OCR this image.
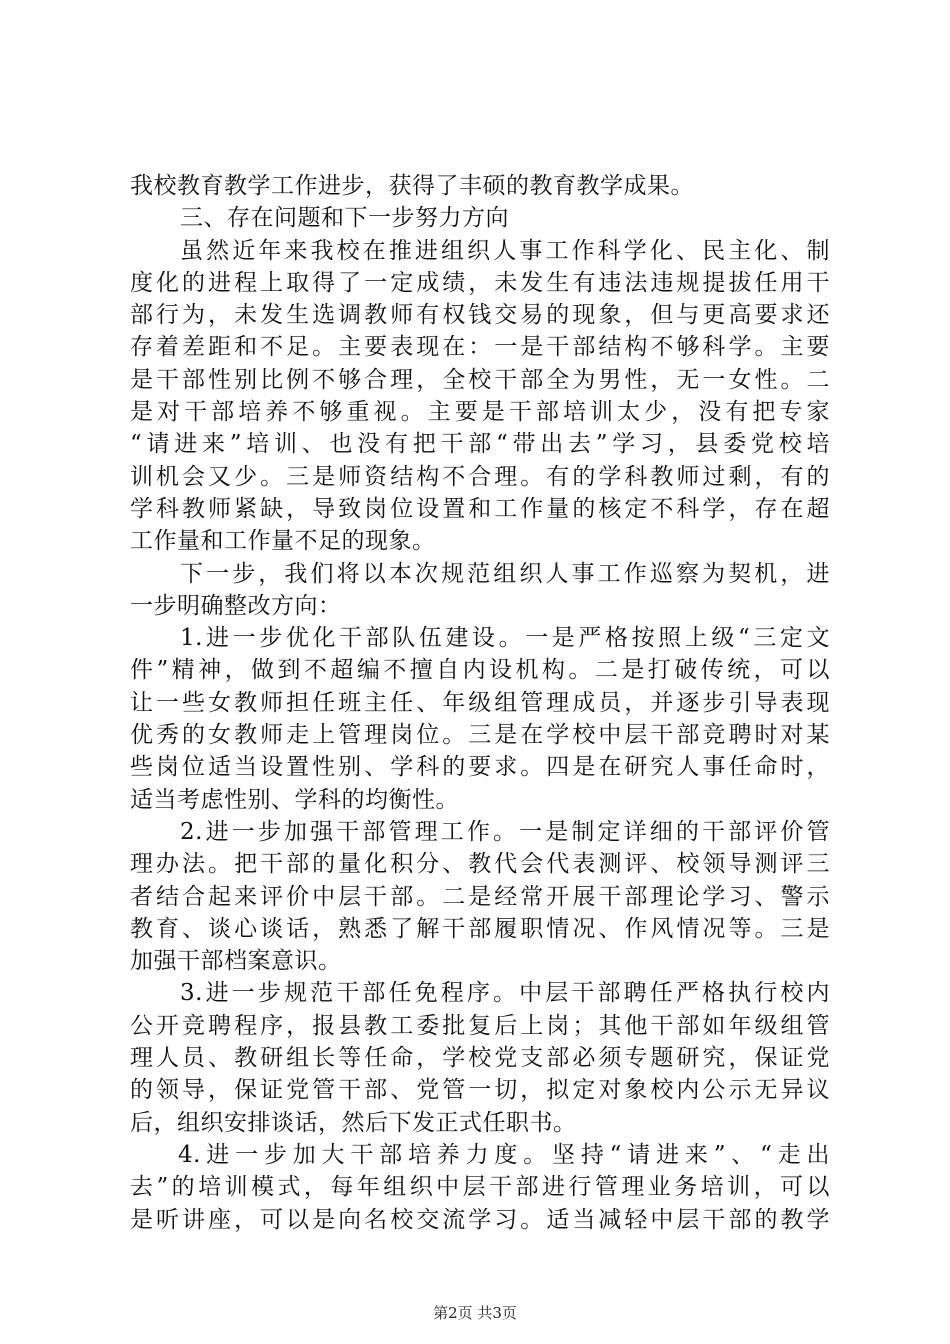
我校教育教学工作进步，获得了丰硕的教育教学成果。
三、存在问题和下一步努力方向
虽然近年来我校在推进组织人事工作科学化、民主化、制
度化的进程上取得了一定成绩，未发生有违法违规提拔任用干
部行为，未发生选调教师有权钱交易的现象，但与更高要求还
存着差距和不足。主要表现在：一是干部结构不够科学。主要
是干部性别比例不够合理，全校干部全为男性，无一女性。二
是对干部培养不够重视。主要是干部培训太少，没有把专家
“请进来”培训、也没有把干部“带出去”学习，县委党校培
训机会又少。三是师资结构不合理。有的学科教师过剩，有的
学科教师紧缺，导致岗位设置和工作量的核定不科学，存在超
工作量和工作量不足的现象。
下一步，我们将以本次规范组织人事工作巡察为契机，进
一步明确整改方向：
1.进一步优化干部队伍建设。一是严格按照上级“三定文
件”精神，做到不超编不擅自内设机构。二是打破传统，可以
让一些女教师担任班主任、年级组管理成员，并逐步引导表现
优秀的女教师走上管理岗位。三是在学校中层干部竞聘时对某
些岗位适当设置性别、学科的要求。四是在研究人事任命时，
适当考虑性别、学科的均衡性。
2.进一步加强干部管理工作。一是制定详细的干部评价管
理办法。把干部的量化积分、教代会代表测评、校领导测评三
者结合起来评价中层干部。二是经常开展干部理论学习、警示
教育、谈心谈话，熟悉了解干部履职情况、作风情况等。三是
加强干部档案意识。
3.进一步规范干部任免程序。中层干部聘任严格执行校内
公开竞聘程序，报县教工委批复后上岗；其他干部如年级组管
理人员、教研组长等任命，学校党支部必须专题研究，保证党
的领导，保证党管干部、党管一切，拟定对象校内公示无异议
后，组织安排谈话，然后下发正式任职书。
4.进一步加大干部培养力度。坚持“请进来”、“走出
去”的培训模式，每年组织中层干部进行管理业务培训，可以
是听讲座，可以是向名校交流学习。适当减轻中层干部的教学
第2页 共3页
